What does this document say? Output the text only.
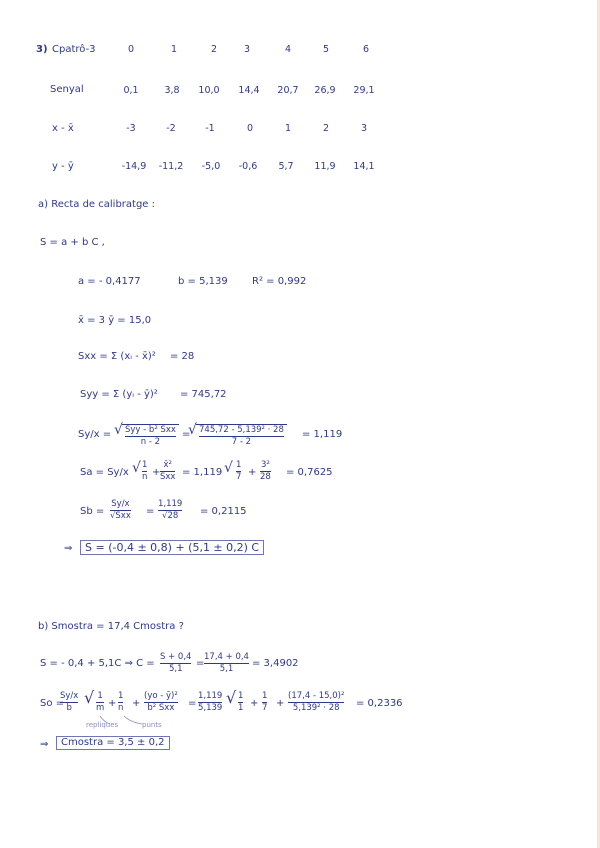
3) Cpatrô-3	0	1	2	3	4	5	6
Senyal	0,1	3,8 10,0 14,4 20,7 26,9 29,1
x - x̄	-3	-2	-1	0	1	2	3
y - ȳ	-14,9 -11,2 -5,0 -0,6 5,7 11,9 14,1
a) Recta de calibratge :
S = a + b C ,
a = - 0,4177	b = 5,139 R² = 0,992
x̄ = 3 ȳ = 15,0
Sxx = Σ (xᵢ - x̄)² = 28
Syy = Σ (yᵢ - ȳ)² = 745,72
Sy/x = √ Syy - b² Sxx
n - 2
=
√ 745,72 - 5,139² · 28
7 - 2
= 1,119
Sa = Sy/x √ 1
n +
x̄²
Sxx = 1,119 √ 1
7 +
3²
28 = 0,7625
Sb =
Sy/x
√Sxx =
1,119
√28 = 0,2115
⇒	S = (-0,4 ± 0,8) + (5,1 ± 0,2) C
b) Smostra = 17,4 Cmostra ?
S = - 0,4 + 5,1C ⇒ C =
S + 0,4
5,1
=
17,4 + 0,4
5,1
= 3,4902
So =
Sy/x
b
√ 1
m +
1
n +
(yo - ȳ)²
b² Sxx =
1,119
5,139
√ 1
1 +
1
7 +
(17,4 - 15,0)²
5,139² · 28 = 0,2336
repliques	punts
⇒	Cmostra = 3,5 ± 0,2
